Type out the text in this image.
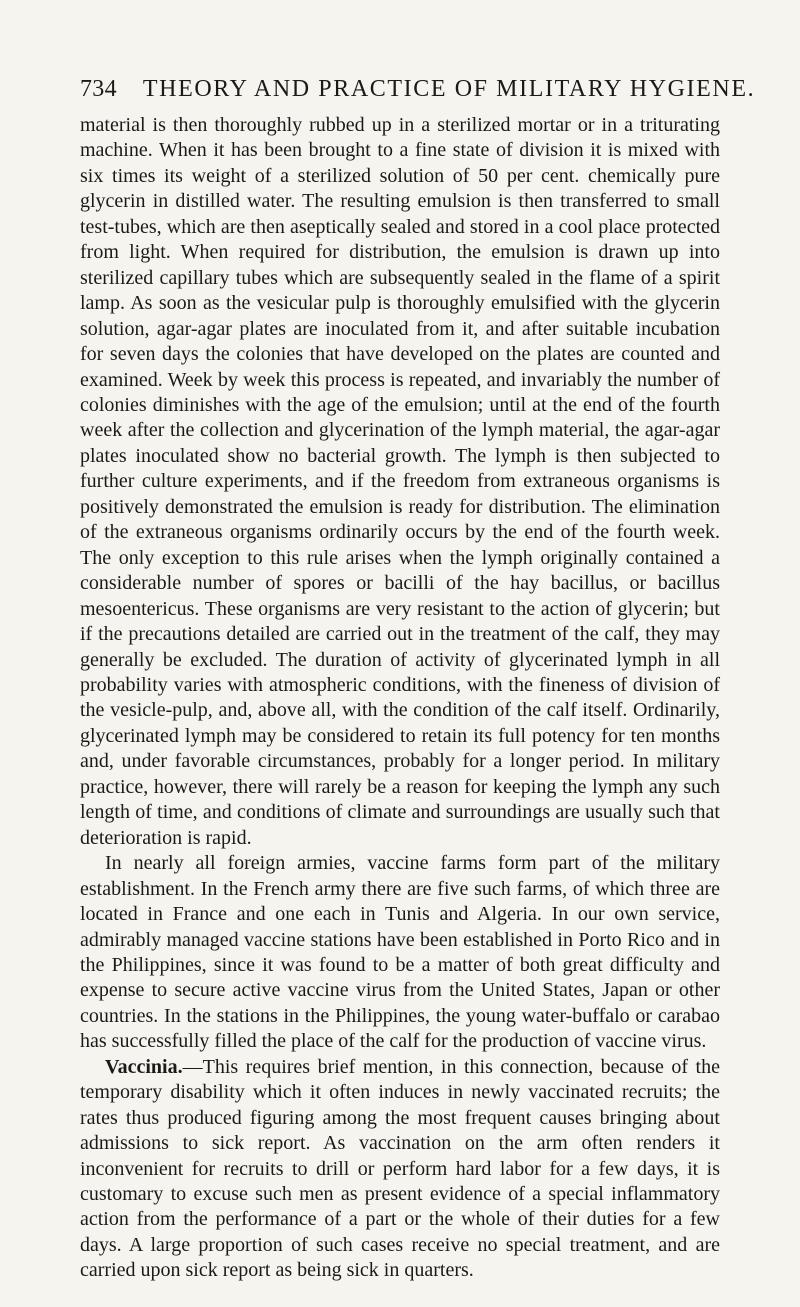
734 THEORY AND PRACTICE OF MILITARY HYGIENE.

material is then thoroughly rubbed up in a sterilized mortar or in a triturating machine. When it has been brought to a fine state of division it is mixed with six times its weight of a sterilized solution of 50 per cent. chemically pure glycerin in distilled water. The resulting emulsion is then transferred to small test-tubes, which are then aseptically sealed and stored in a cool place protected from light. When required for distribution, the emulsion is drawn up into sterilized capillary tubes which are subsequently sealed in the flame of a spirit lamp. As soon as the vesicular pulp is thoroughly emulsified with the glycerin solution, agar-agar plates are inoculated from it, and after suitable incubation for seven days the colonies that have developed on the plates are counted and examined. Week by week this process is repeated, and invariably the number of colonies diminishes with the age of the emulsion; until at the end of the fourth week after the collection and glycerination of the lymph material, the agar-agar plates inoculated show no bacterial growth. The lymph is then subjected to further culture experiments, and if the freedom from extraneous organisms is positively demonstrated the emulsion is ready for distribution. The elimination of the extraneous organisms ordinarily occurs by the end of the fourth week. The only exception to this rule arises when the lymph originally contained a considerable number of spores or bacilli of the hay bacillus, or bacillus mesoentericus. These organisms are very resistant to the action of glycerin; but if the precautions detailed are carried out in the treatment of the calf, they may generally be excluded. The duration of activity of glycerinated lymph in all probability varies with atmospheric conditions, with the fineness of division of the vesicle-pulp, and, above all, with the condition of the calf itself. Ordinarily, glycerinated lymph may be considered to retain its full potency for ten months and, under favorable circumstances, probably for a longer period. In military practice, however, there will rarely be a reason for keeping the lymph any such length of time, and conditions of climate and surroundings are usually such that deterioration is rapid.

In nearly all foreign armies, vaccine farms form part of the military establishment. In the French army there are five such farms, of which three are located in France and one each in Tunis and Algeria. In our own service, admirably managed vaccine stations have been established in Porto Rico and in the Philippines, since it was found to be a matter of both great difficulty and expense to secure active vaccine virus from the United States, Japan or other countries. In the stations in the Philippines, the young water-buffalo or carabao has successfully filled the place of the calf for the production of vaccine virus.

Vaccinia.—This requires brief mention, in this connection, because of the temporary disability which it often induces in newly vaccinated recruits; the rates thus produced figuring among the most frequent causes bringing about admissions to sick report. As vaccination on the arm often renders it inconvenient for recruits to drill or perform hard labor for a few days, it is customary to excuse such men as present evidence of a special inflammatory action from the performance of a part or the whole of their duties for a few days. A large proportion of such cases receive no special treatment, and are carried upon sick report as being sick in quarters.
